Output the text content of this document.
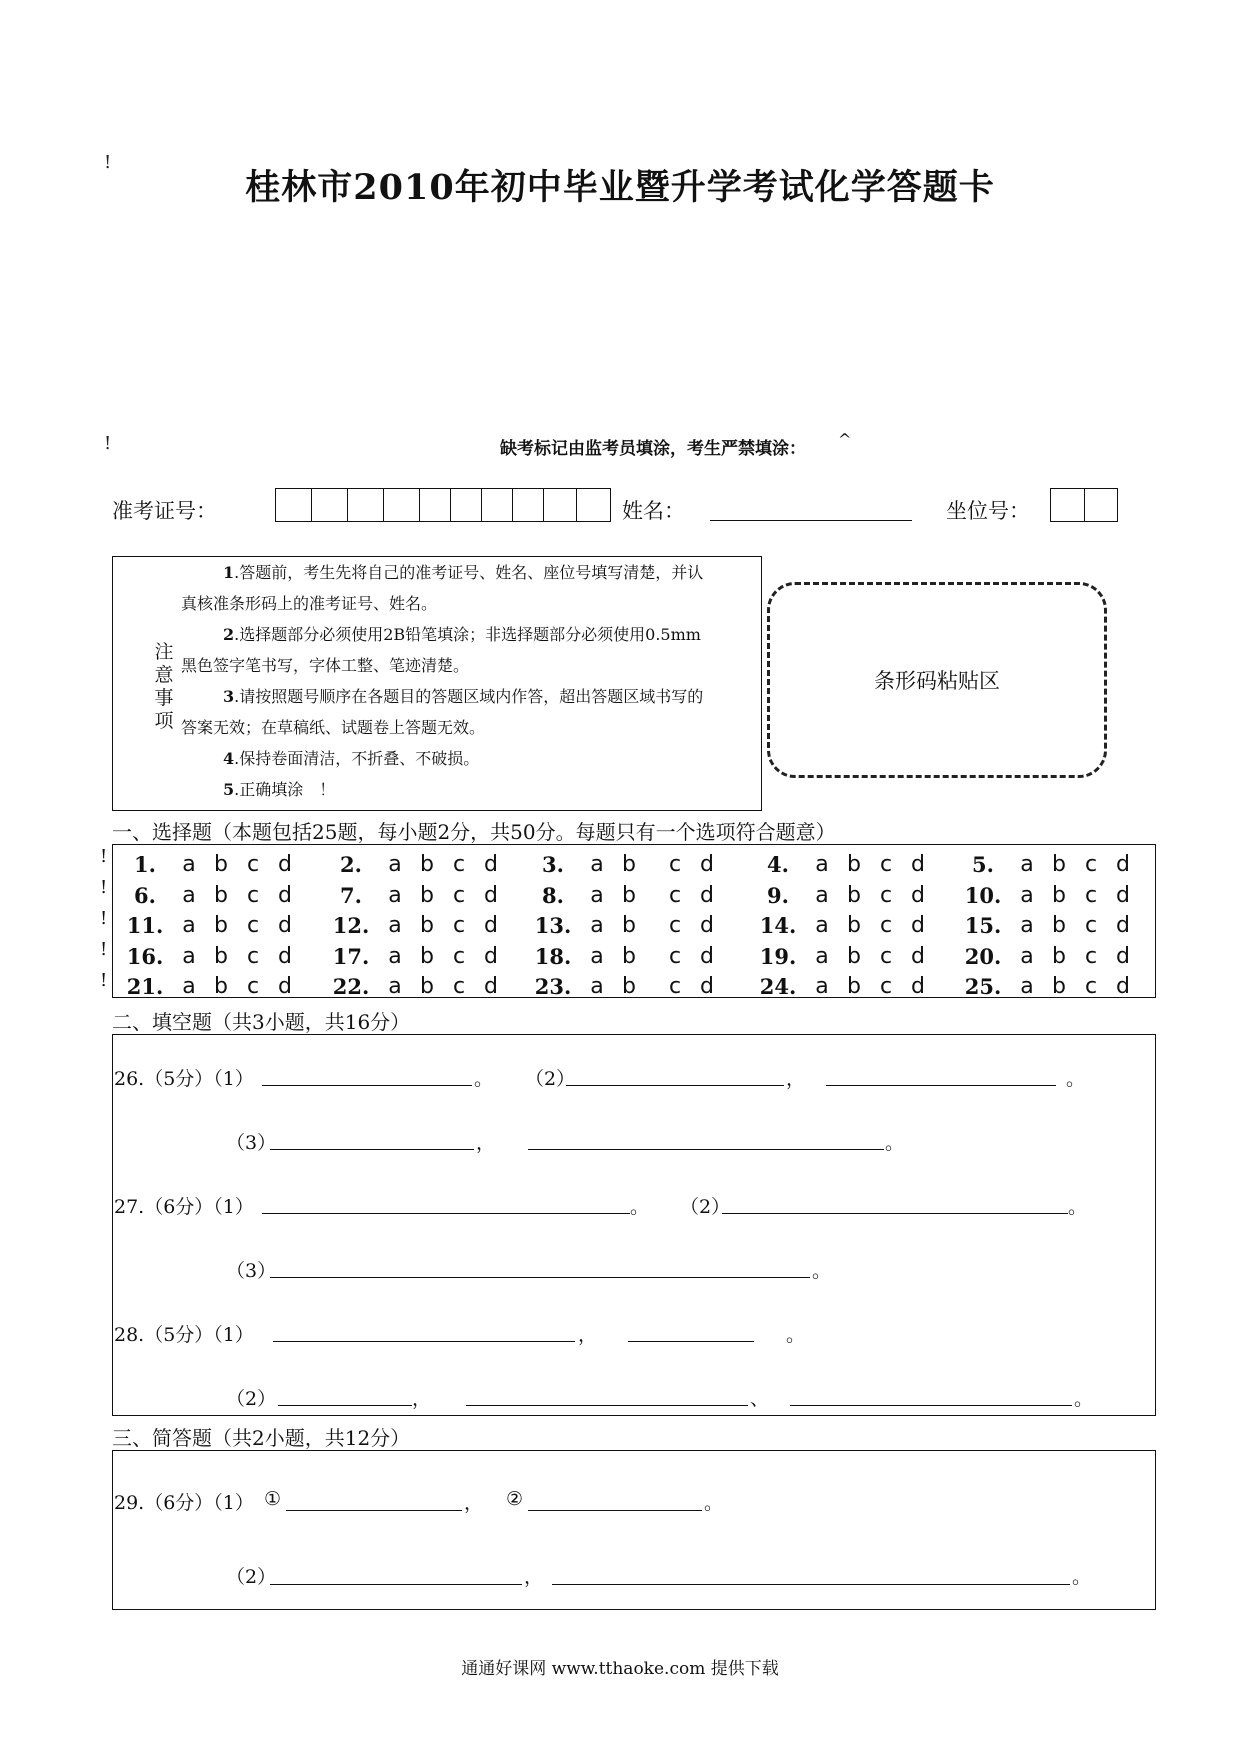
!
!
桂林市2010年初中毕业暨升学考试化学答题卡
缺考标记由监考员填涂，考生严禁填涂： ^
准考证号：	姓名：	坐位号：
注意事项
1.答题前，考生先将自己的准考证号、姓名、座位号填写清楚，并认
真核准条形码上的准考证号、姓名。
2.选择题部分必须使用2B铅笔填涂；非选择题部分必须使用0.5mm
黑色签字笔书写，字体工整、笔迹清楚。
3.请按照题号顺序在各题目的答题区域内作答，超出答题区域书写的
答案无效；在草稿纸、试题卷上答题无效。
4.保持卷面清洁，不折叠、不破损。
5.正确填涂　！
条形码粘贴区
一、选择题（本题包括25题，每小题2分，共50分。每题只有一个选项符合题意）
!
!
!
!
!
1.	a b c d	2.	a b c d	3.	a b	c d	4.	a b c d	5.	a b c d
6.	a b c d	7.	a b c d	8.	a b	c d	9.	a b c d	10. a b c d
11. a b c d	12. a b c d	13. a b	c d	14. a b c d	15. a b c d
16. a b c d	17. a b c d	18. a b	c d	19. a b c d	20. a b c d
21. a b c d	22. a b c d	23. a b	c d	24. a b c d	25. a b c d
二、填空题（共3小题，共16分）
26.（5分）（1）	。 （2）	，	。
（3）	，	。
27.（6分）（1）	。 （2）	。
（3）	。
28.（5分）（1）	，	。
（2）	，	、	。
三、简答题（共2小题，共12分）
29.（6分）（1） ①	， ②	。
（2）	，	。
通通好课网 www.tthaoke.com 提供下载
